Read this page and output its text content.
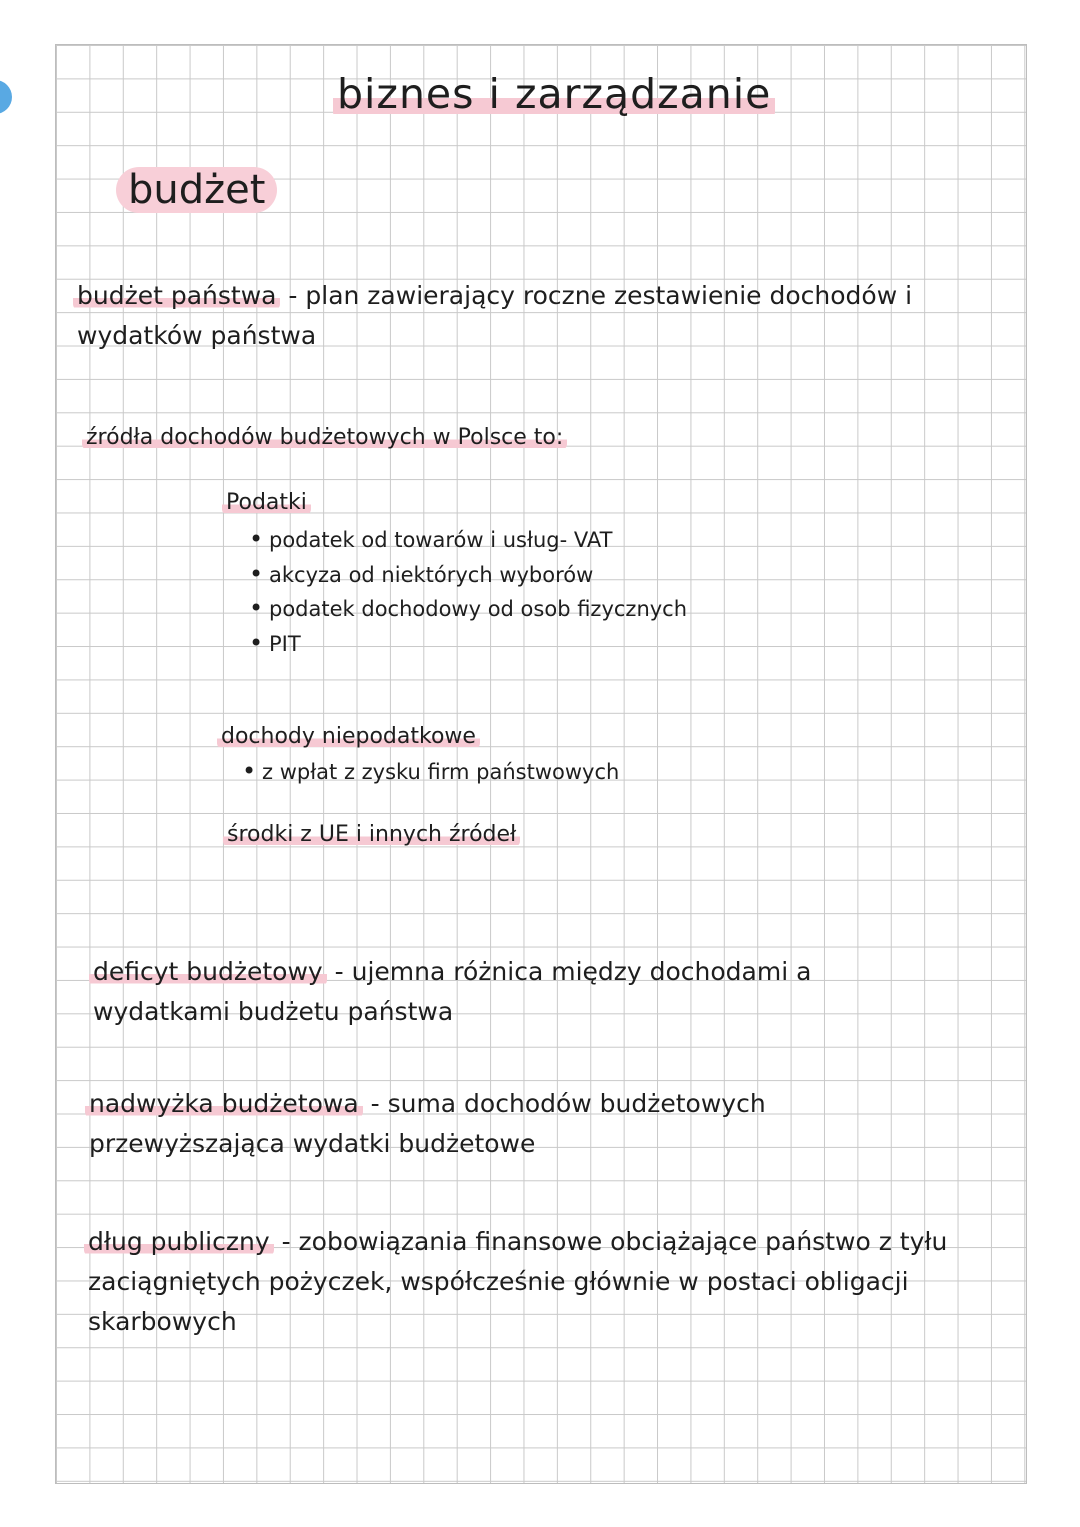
biznes i zarządzanie
budżet
budżet państwa - plan zawierający roczne zestawienie dochodów i
wydatków państwa
źródła dochodów budżetowych w Polsce to:
Podatki
• podatek od towarów i usług- VAT
• akcyza od niektórych wyborów
• podatek dochodowy od osob fizycznych
• PIT
dochody niepodatkowe
• z wpłat z zysku firm państwowych
środki z UE i innych źródeł
deficyt budżetowy - ujemna różnica między dochodami a
wydatkami budżetu państwa
nadwyżka budżetowa - suma dochodów budżetowych
przewyższająca wydatki budżetowe
dług publiczny - zobowiązania finansowe obciążające państwo z tyłu
zaciągniętych pożyczek, współcześnie głównie w postaci obligacji
skarbowych
